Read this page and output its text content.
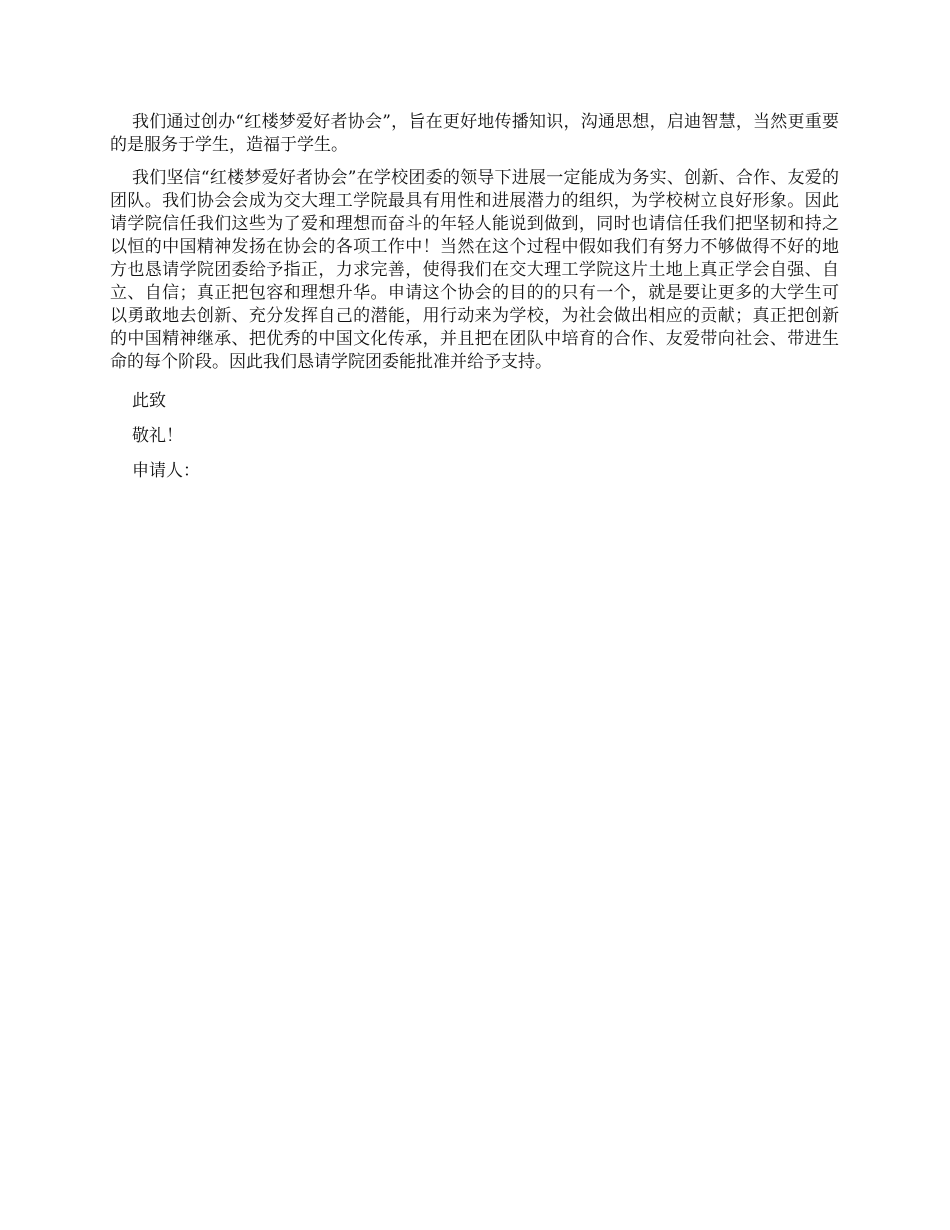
我们通过创办“红楼梦爱好者协会”，旨在更好地传播知识，沟通思想，启迪智慧，当然更重要的是服务于学生，造福于学生。

我们坚信“红楼梦爱好者协会”在学校团委的领导下进展一定能成为务实、创新、合作、友爱的团队。我们协会会成为交大理工学院最具有用性和进展潜力的组织，为学校树立良好形象。因此请学院信任我们这些为了爱和理想而奋斗的年轻人能说到做到，同时也请信任我们把坚韧和持之以恒的中国精神发扬在协会的各项工作中！当然在这个过程中假如我们有努力不够做得不好的地方也恳请学院团委给予指正，力求完善，使得我们在交大理工学院这片土地上真正学会自强、自立、自信；真正把包容和理想升华。申请这个协会的目的的只有一个，就是要让更多的大学生可以勇敢地去创新、充分发挥自己的潜能，用行动来为学校，为社会做出相应的贡献；真正把创新的中国精神继承、把优秀的中国文化传承，并且把在团队中培育的合作、友爱带向社会、带进生命的每个阶段。因此我们恳请学院团委能批准并给予支持。

此致

敬礼！

申请人：
